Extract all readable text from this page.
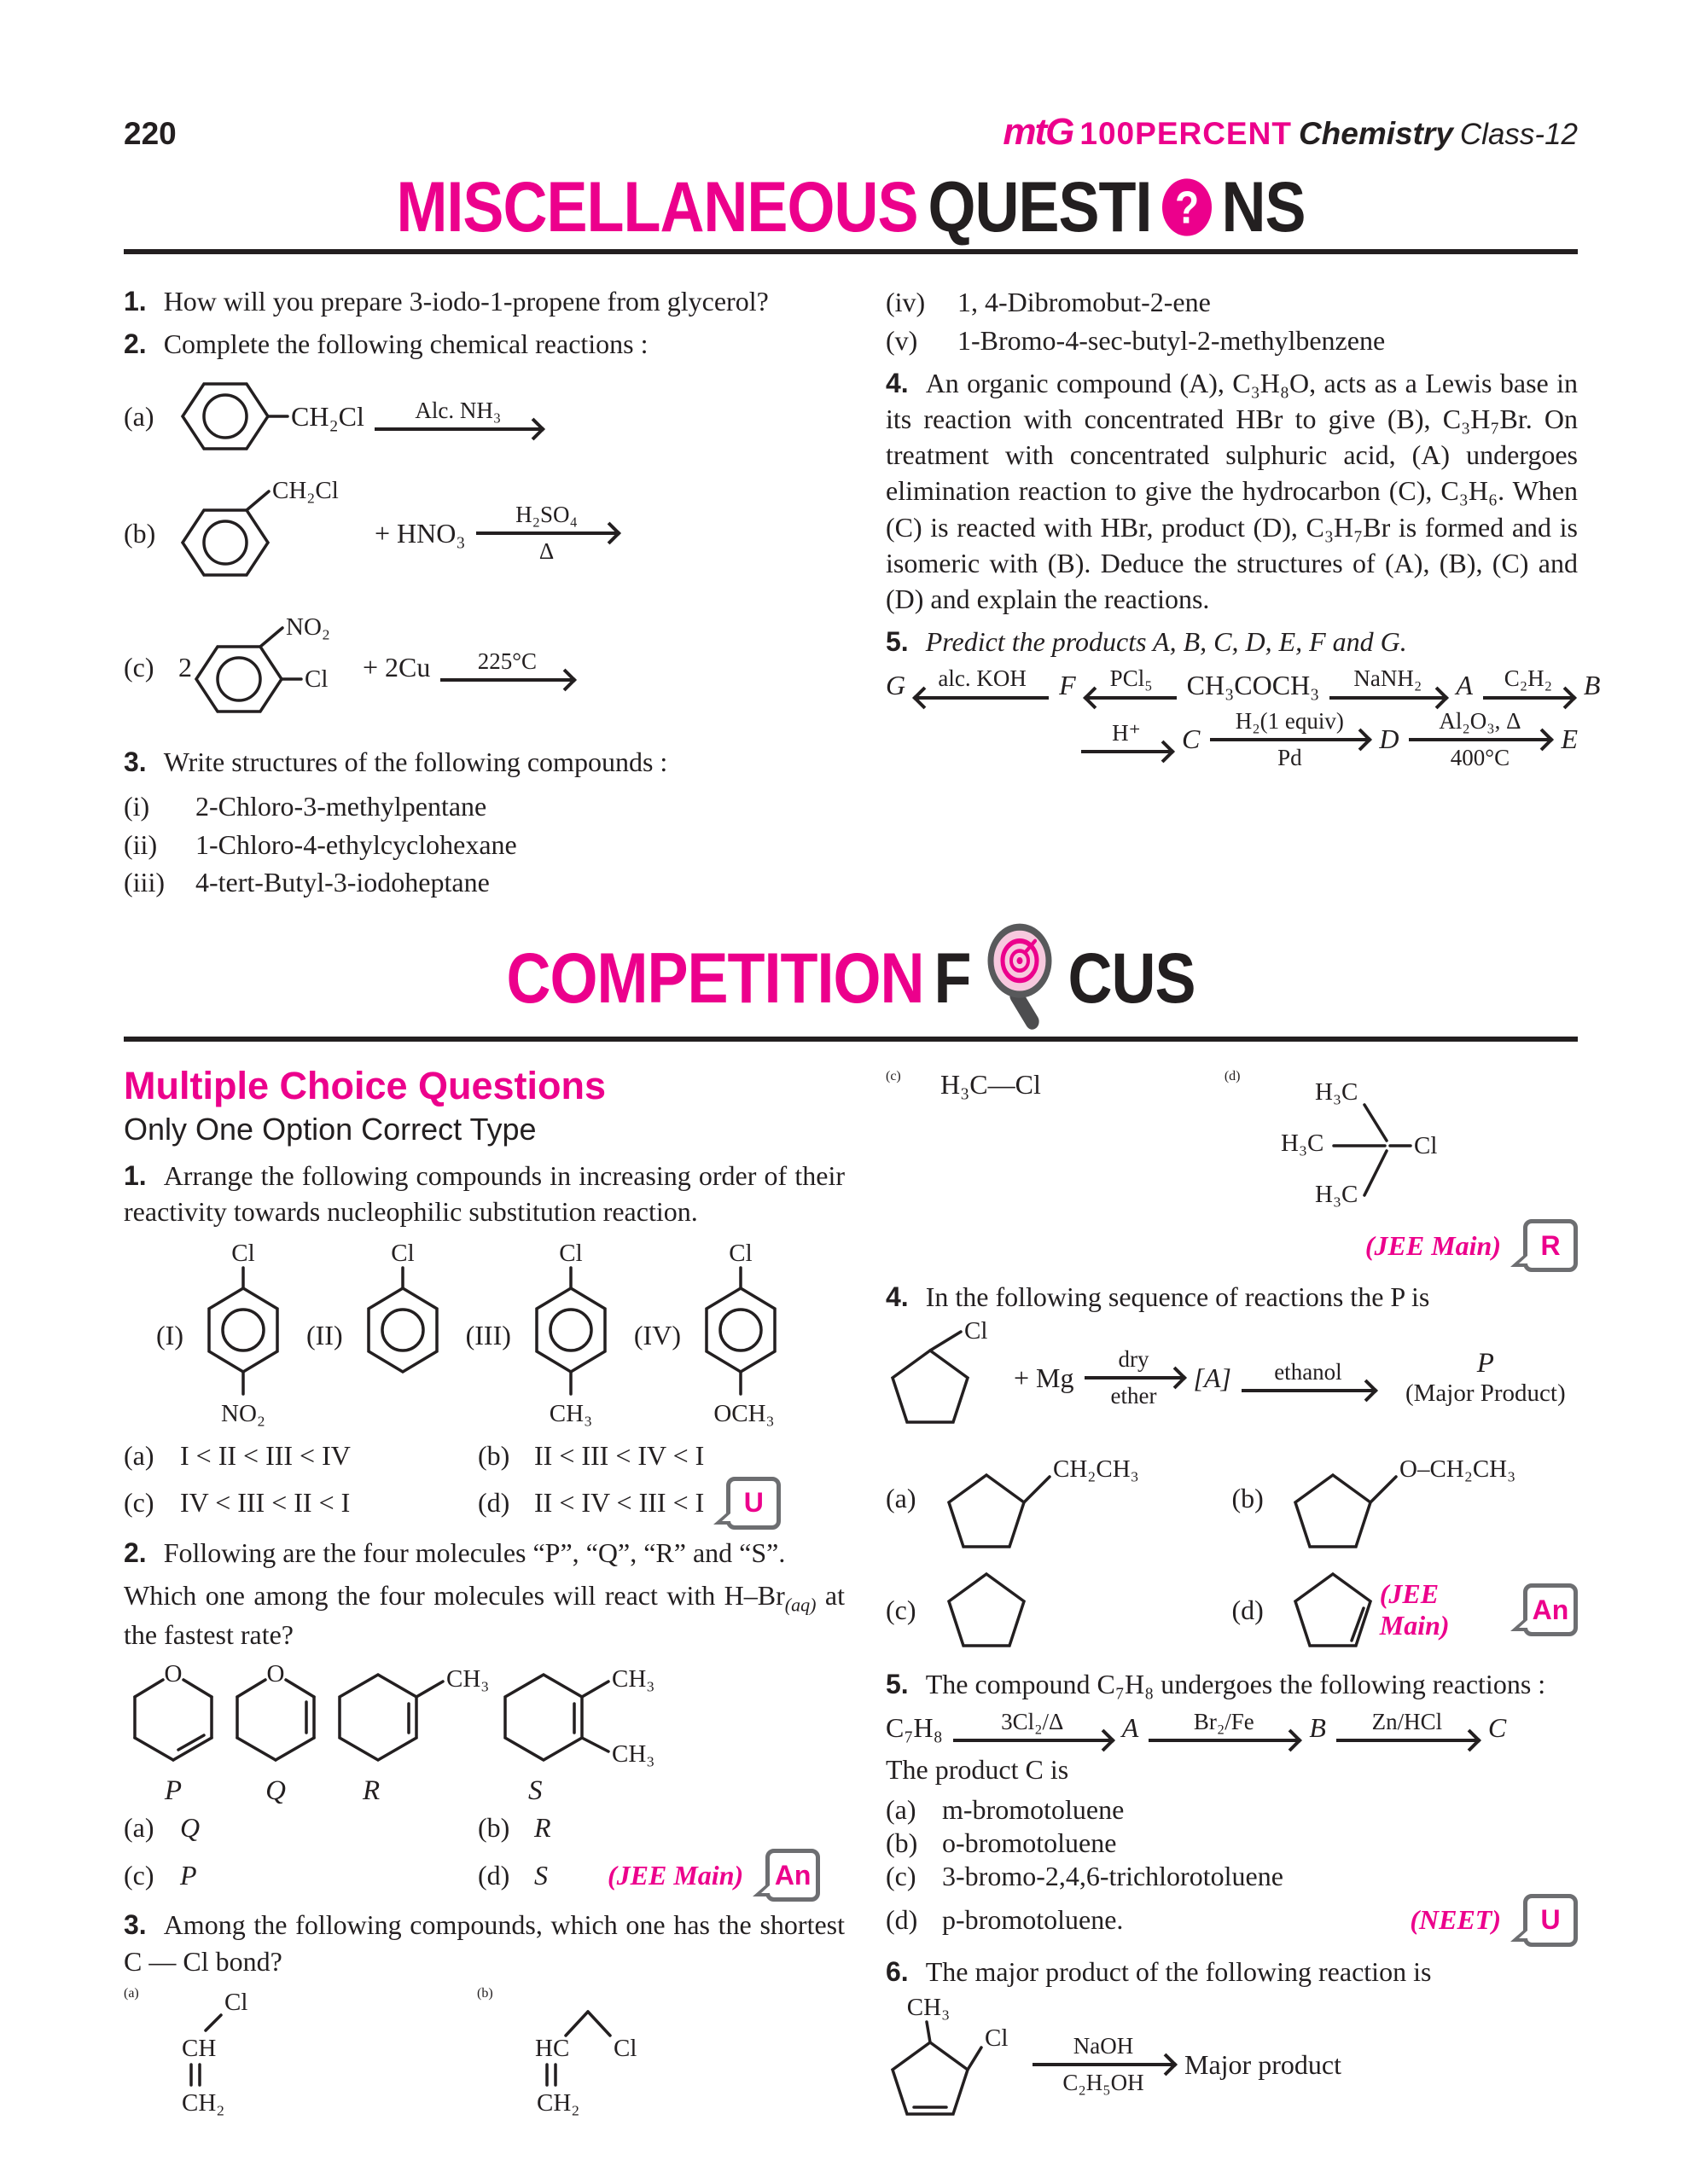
220	mtG 100PERCENT Chemistry Class-12
MISCELLANEOUS QUESTI ? NS

1. How will you prepare 3-iodo-1-propene from glycerol?

2. Complete the following chemical reactions :

(a)	CH₂Cl Alc. NH₃
(b)
CH₂Cl
+ HNO₃
H₂SO₄
Δ
(c) 2
NO₂
Cl + 2Cu 225°C

3. Write structures of the following compounds :

(i)	2-Chloro-3-methylpentane
(ii)	1-Chloro-4-ethylcyclohexane
(iii)	4-tert-Butyl-3-iodoheptane
(iv)	1, 4-Dibromobut-2-ene
(v)	1-Bromo-4-sec-butyl-2-methylbenzene

4. An organic compound (A), C₃H₈O, acts as a Lewis base in its reaction with concentrated HBr to give (B), C₃H₇Br. On treatment with concentrated sulphuric acid, (A) undergoes elimination reaction to give the hydrocarbon (C), C₃H₆. When (C) is reacted with HBr, product (D), C₃H₇Br is formed and is isomeric with (B). Deduce the structures of (A), (B), (C) and (D) and explain the reactions.

5. Predict the products A, B, C, D, E, F and G.

G alc. KOH F PCl₅ CH₃COCH₃ NaNH₂ A C₂H₂ B
H⁺ C
H₂(1 equiv)
Pd
D
Al₂O₃, Δ
400°C
E
COMPETITION F CUS
Multiple Choice Questions
Only One Option Correct Type

1. Arrange the following compounds in increasing order of their reactivity towards nucleophilic substitution reaction.

(I)
Cl
NO₂
(II)
Cl
(III)
Cl
CH₃
(IV)
Cl
OCH₃
(a) I < II < III < IV	(b) II < III < IV < I
(c) IV < III < II < I	(d) II < IV < III < I	U

2. Following are the four molecules “P”, “Q”, “R” and “S”.

Which one among the four molecules will react with $H-Br_{(aq)}$ at the fastest rate?

O
P
O
Q
CH₃
R
CH₃
CH₃
S
(a) Q	(b) R
(c) P	(d) S (JEE Main)	An

3. Among the following compounds, which one has the shortest C — Cl bond?

(a)	Cl
CH
CH₂
(b)
HC Cl
CH₂
(c)	H₃C—Cl	(d)
H₃C
H₃C
H₃C
Cl
(JEE Main)	R

4. In the following sequence of reactions the P is

Cl
+ Mg
dry
ether
[A] ethanol	P
(Major Product)
(a)
CH₂CH₃
(b)
O–CH₂CH₃
(c)	(d)
(JEE Main)
An

5. The compound C₇H₈ undergoes the following reactions :

C₇H₈	3Cl₂/Δ A Br₂/Fe B Zn/HCl C

The product C is

(a) m-bromotoluene
(b) o-bromotoluene
(c) 3-bromo-2,4,6-trichlorotoluene
(d) p-bromotoluene.	(NEET)	U

6. The major product of the following reaction is

CH₃
Cl	NaOH
C₂H₅OH
Major product
